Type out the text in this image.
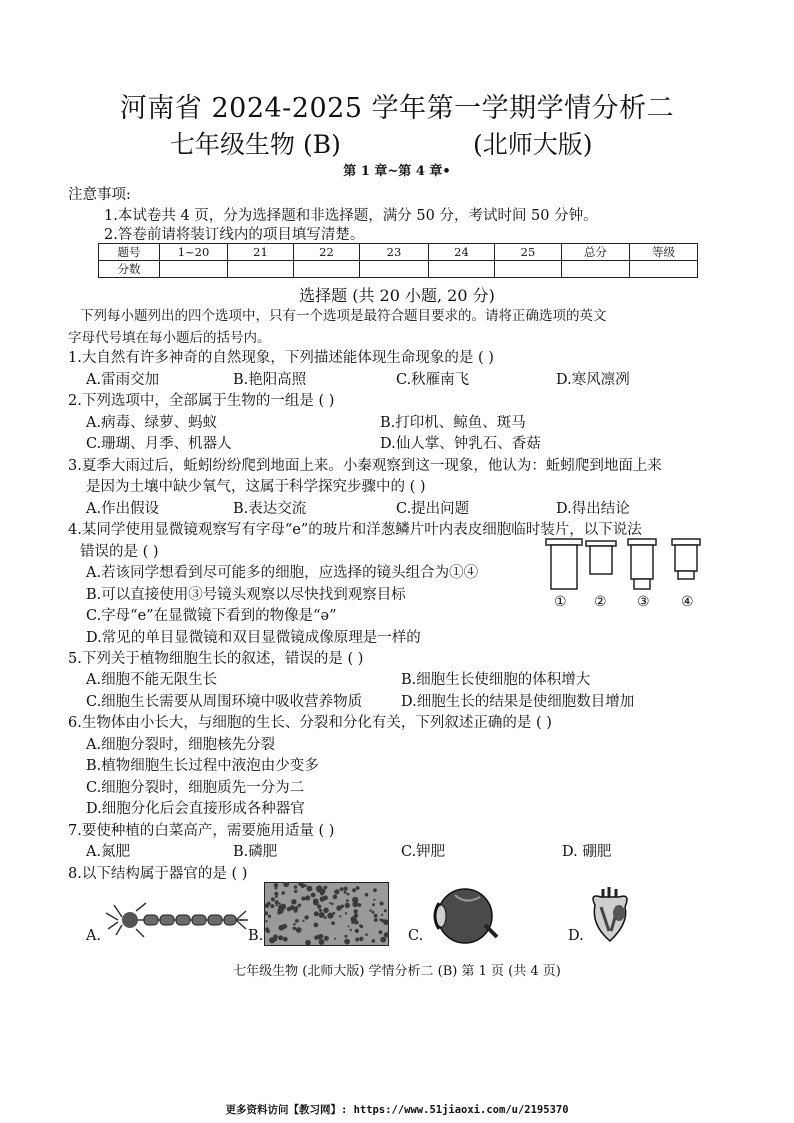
河南省 2024-2025 学年第一学期学情分析二
七年级生物 (B)	(北师大版)
第 1 章~第 4 章•
注意事项:
1.本试卷共 4 页，分为选择题和非选择题，满分 50 分，考试时间 50 分钟。
2.答卷前请将装订线内的项目填写清楚。
题号	1~20	21	22	23	24	25	总分	等级
分数								
选择题 (共 20 小题, 20 分)
下列每小题列出的四个选项中，只有一个选项是最符合题目要求的。请将正确选项的英文
字母代号填在每小题后的括号内。
1.大自然有许多神奇的自然现象，下列描述能体现生命现象的是 ( )
A.雷雨交加	B.艳阳高照	C.秋雁南飞	D.寒风凛冽
2.下列选项中，全部属于生物的一组是 ( )
A.病毒、绿萝、蚂蚁	B.打印机、鲸鱼、斑马
C.珊瑚、月季、机器人	D.仙人掌、钟乳石、香菇
3.夏季大雨过后，蚯蚓纷纷爬到地面上来。小秦观察到这一现象，他认为：蚯蚓爬到地面上来
是因为土壤中缺少氧气，这属于科学探究步骤中的 ( )
A.作出假设	B.表达交流	C.提出问题	D.得出结论
4.某同学使用显微镜观察写有字母“e”的玻片和洋葱鳞片叶内表皮细胞临时装片，以下说法
错误的是 ( )
A.若该同学想看到尽可能多的细胞，应选择的镜头组合为①④
B.可以直接使用③号镜头观察以尽快找到观察目标
C.字母“e”在显微镜下看到的物像是“ə”
D.常见的单目显微镜和双目显微镜成像原理是一样的
① ② ③ ④
5.下列关于植物细胞生长的叙述，错误的是 ( )
A.细胞不能无限生长	B.细胞生长使细胞的体积增大
C.细胞生长需要从周围环境中吸收营养物质	D.细胞生长的结果是使细胞数目增加
6.生物体由小长大，与细胞的生长、分裂和分化有关，下列叙述正确的是 ( )
A.细胞分裂时，细胞核先分裂
B.植物细胞生长过程中液泡由少变多
C.细胞分裂时，细胞质先一分为二
D.细胞分化后会直接形成各种器官
7.要使种植的白菜高产，需要施用适量 ( )
A.氮肥	B.磷肥	C.钾肥	D. 硼肥
8.以下结构属于器官的是 ( )
A.	B.	C.	D.
七年级生物 (北师大版) 学情分析二 (B) 第 1 页 (共 4 页)
更多资料访问【教习网】: https://www.51jiaoxi.com/u/2195370
